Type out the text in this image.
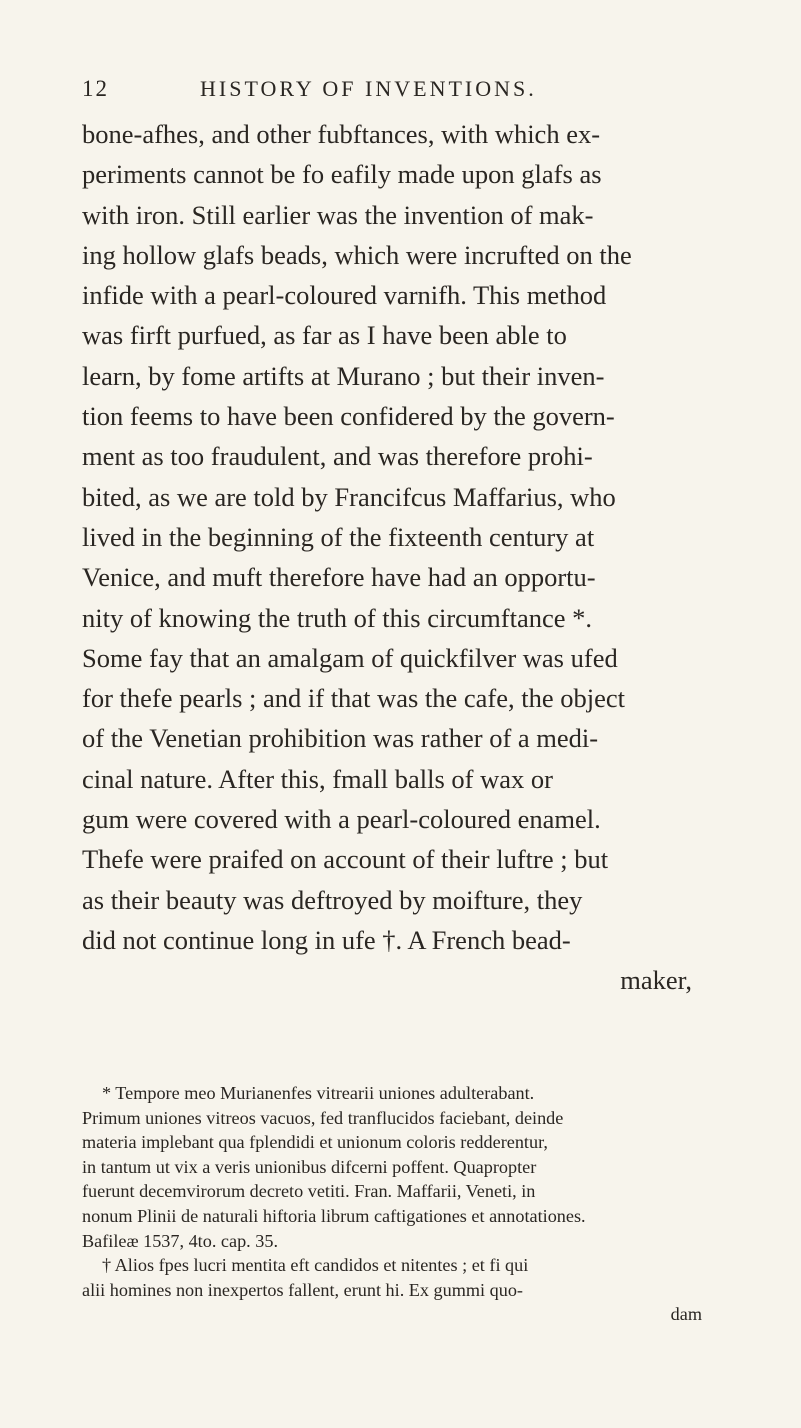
12	HISTORY OF INVENTIONS.
bone-afhes, and other fubftances, with which ex-
periments cannot be fo eafily made upon glafs as
with iron. Still earlier was the invention of mak-
ing hollow glafs beads, which were incrufted on the
infide with a pearl-coloured varnifh. This method
was firft purfued, as far as I have been able to
learn, by fome artifts at Murano ; but their inven-
tion feems to have been confidered by the govern-
ment as too fraudulent, and was therefore prohi-
bited, as we are told by Francifcus Maffarius, who
lived in the beginning of the fixteenth century at
Venice, and muft therefore have had an opportu-
nity of knowing the truth of this circumftance *.
Some fay that an amalgam of quickfilver was ufed
for thefe pearls ; and if that was the cafe, the object
of the Venetian prohibition was rather of a medi-
cinal nature. After this, fmall balls of wax or
gum were covered with a pearl-coloured enamel.
Thefe were praifed on account of their luftre ; but
as their beauty was deftroyed by moifture, they
did not continue long in ufe †. A French bead-
maker,
* Tempore meo Murianenfes vitrearii uniones adulterabant.
Primum uniones vitreos vacuos, fed tranflucidos faciebant, deinde
materia implebant qua fplendidi et unionum coloris redderentur,
in tantum ut vix a veris unionibus difcerni poffent. Quapropter
fuerunt decemvirorum decreto vetiti. Fran. Maffarii, Veneti, in
nonum Plinii de naturali hiftoria librum caftigationes et annotationes.
Bafileæ 1537, 4to. cap. 35.
† Alios fpes lucri mentita eft candidos et nitentes ; et fi qui
alii homines non inexpertos fallent, erunt hi. Ex gummi quo-
dam
